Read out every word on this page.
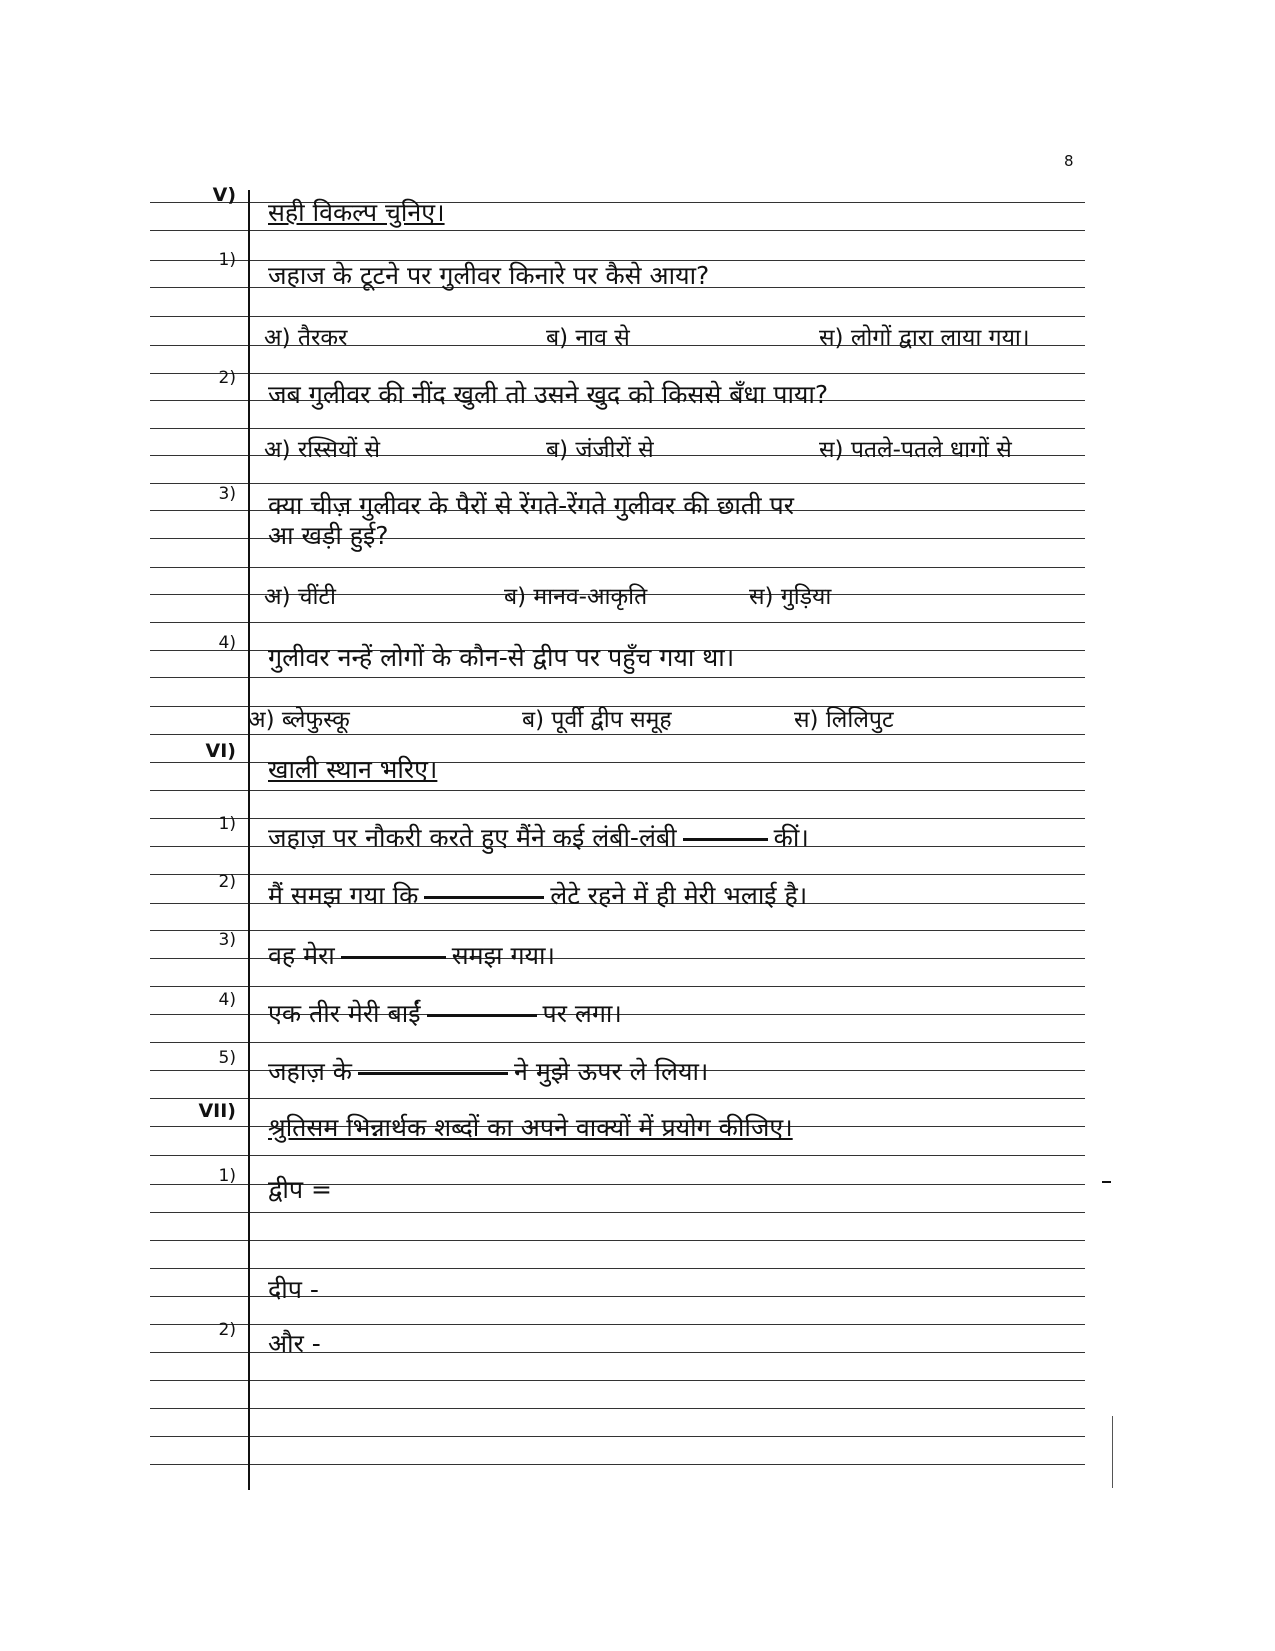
8
V)
सही विकल्प चुनिए।
1)
जहाज के टूटने पर गुलीवर किनारे पर कैसे आया?
अ) तैरकर	ब) नाव से	स) लोगों द्वारा लाया गया।
2)
जब गुलीवर की नींद खुली तो उसने खुद को किससे बँधा पाया?
अ) रस्सियों से	ब) जंजीरों से	स) पतले-पतले धागों से
3) क्या चीज़ गुलीवर के पैरों से रेंगते-रेंगते गुलीवर की छाती पर
आ खड़ी हुई?
अ) चींटी	ब) मानव-आकृति	स) गुड़िया
4) गुलीवर नन्हें लोगों के कौन-से द्वीप पर पहुँच गया था।
अ) ब्लेफुस्कू	ब) पूर्वी द्वीप समूह	स) लिलिपुट
VI)
खाली स्थान भरिए।
1) जहाज़ पर नौकरी करते हुए मैंने कई लंबी-लंबी	कीं।
2) मैं समझ गया कि	लेटे रहने में ही मेरी भलाई है।
3)
वह मेरा	समझ गया।
4) एक तीर मेरी बाईं	पर लगा।
5) जहाज़ के	ने मुझे ऊपर ले लिया।
VII)
श्रुतिसम भिन्नार्थक शब्दों का अपने वाक्यों में प्रयोग कीजिए।
1) द्वीप =
दीप -
2) और -
